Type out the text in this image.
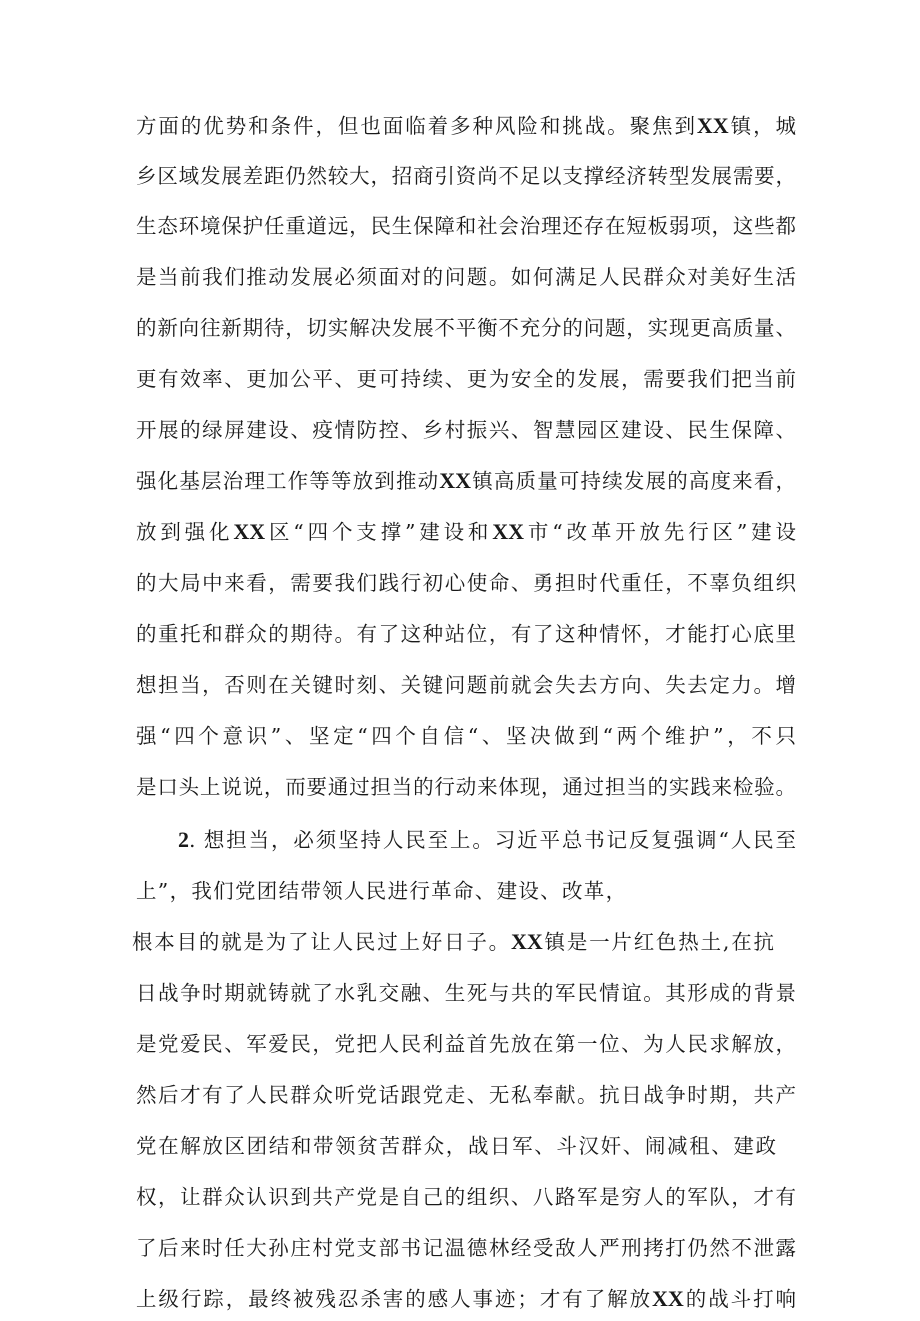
方面的优势和条件，但也面临着多种风险和挑战。聚焦到XX镇，城
乡区域发展差距仍然较大，招商引资尚不足以支撑经济转型发展需要，
生态环境保护任重道远，民生保障和社会治理还存在短板弱项，这些都
是当前我们推动发展必须面对的问题。如何满足人民群众对美好生活
的新向往新期待，切实解决发展不平衡不充分的问题，实现更高质量、
更有效率、更加公平、更可持续、更为安全的发展，需要我们把当前
开展的绿屏建设、疫情防控、乡村振兴、智慧园区建设、民生保障、
强化基层治理工作等等放到推动XX镇高质量可持续发展的高度来看，
放到强化XX区“四个支撑”建设和XX市“改革开放先行区”建设
的大局中来看，需要我们践行初心使命、勇担时代重任，不辜负组织
的重托和群众的期待。有了这种站位，有了这种情怀，才能打心底里
想担当，否则在关键时刻、关键问题前就会失去方向、失去定力。增
强“四个意识”、坚定“四个自信“、坚决做到“两个维护”，不只
是口头上说说，而要通过担当的行动来体现，通过担当的实践来检验。
2. 想担当，必须坚持人民至上。习近平总书记反复强调“人民至
上”，我们党团结带领人民进行革命、建设、改革，
根本目的就是为了让人民过上好日子。XX镇是一片红色热土,在抗
日战争时期就铸就了水乳交融、生死与共的军民情谊。其形成的背景
是党爱民、军爱民，党把人民利益首先放在第一位、为人民求解放，
然后才有了人民群众听党话跟党走、无私奉献。抗日战争时期，共产
党在解放区团结和带领贫苦群众，战日军、斗汉奸、闹减租、建政
权，让群众认识到共产党是自己的组织、八路军是穷人的军队，才有
了后来时任大孙庄村党支部书记温德林经受敌人严刑拷打仍然不泄露
上级行踪，最终被残忍杀害的感人事迹；才有了解放XX的战斗打响
